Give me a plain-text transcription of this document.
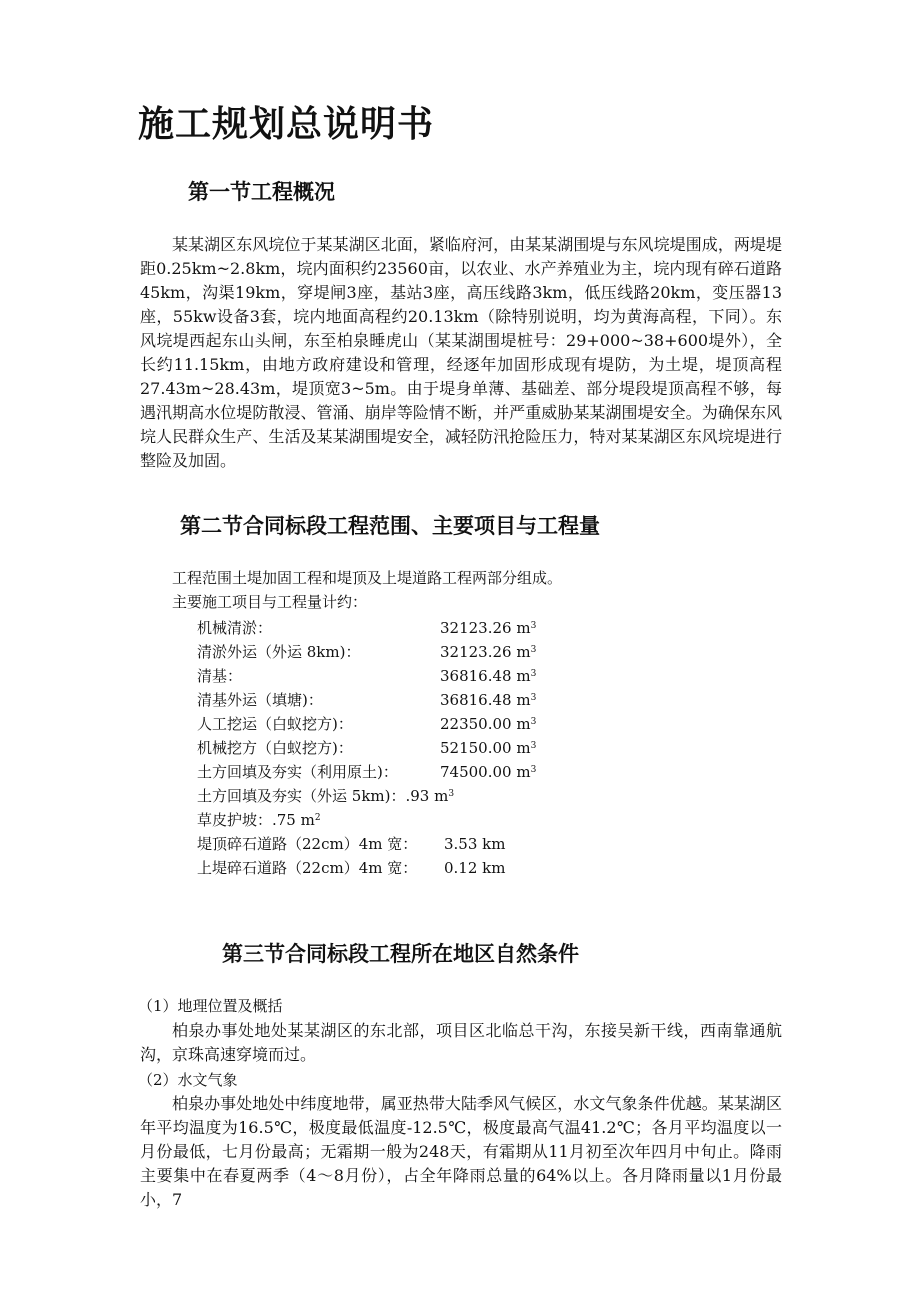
施工规划总说明书
第一节工程概况

某某湖区东风垸位于某某湖区北面，紧临府河，由某某湖围堤与东风垸堤围成，两堤堤距0.25km~2.8km，垸内面积约23560亩，以农业、水产养殖业为主，垸内现有碎石道路45km，沟渠19km，穿堤闸3座，基站3座，高压线路3km，低压线路20km，变压器13座，55kw设备3套，垸内地面高程约20.13km（除特别说明，均为黄海高程，下同）。东风垸堤西起东山头闸，东至柏泉睡虎山（某某湖围堤桩号：29+000~38+600堤外），全长约11.15km，由地方政府建设和管理，经逐年加固形成现有堤防，为土堤，堤顶高程27.43m~28.43m，堤顶宽3~5m。由于堤身单薄、基础差、部分堤段堤顶高程不够，每遇汛期高水位堤防散浸、管涌、崩岸等险情不断，并严重威胁某某湖围堤安全。为确保东风垸人民群众生产、生活及某某湖围堤安全，减轻防汛抢险压力，特对某某湖区东风垸堤进行整险及加固。

第二节合同标段工程范围、主要项目与工程量
工程范围土堤加固工程和堤顶及上堤道路工程两部分组成。
主要施工项目与工程量计约：
机械清淤：	32123.26 $m^3$
清淤外运（外运 8km)：	32123.26 $m^3$
清基：	36816.48 $m^3$
清基外运（填塘)：	36816.48 $m^3$
人工挖运（白蚁挖方)：	22350.00 $m^3$
机械挖方（白蚁挖方)：	52150.00 $m^3$
土方回填及夯实（利用原土)：	74500.00 $m^3$
土方回填及夯实（外运 5km)：.93 $m^3$
草皮护坡：.75 $m^2$
堤顶碎石道路（22cm）4m 宽： 3.53 km
上堤碎石道路（22cm）4m 宽： 0.12 km
第三节合同标段工程所在地区自然条件
（1）地理位置及概括

柏泉办事处地处某某湖区的东北部，项目区北临总干沟，东接吴新干线，西南靠通航沟，京珠高速穿境而过。

（2）水文气象

柏泉办事处地处中纬度地带，属亚热带大陆季风气候区，水文气象条件优越。某某湖区年平均温度为16.5℃，极度最低温度-12.5℃，极度最高气温41.2℃；各月平均温度以一月份最低，七月份最高；无霜期一般为248天，有霜期从11月初至次年四月中旬止。降雨主要集中在春夏两季（4～8月份），占全年降雨总量的64%以上。各月降雨量以1月份最小，7
